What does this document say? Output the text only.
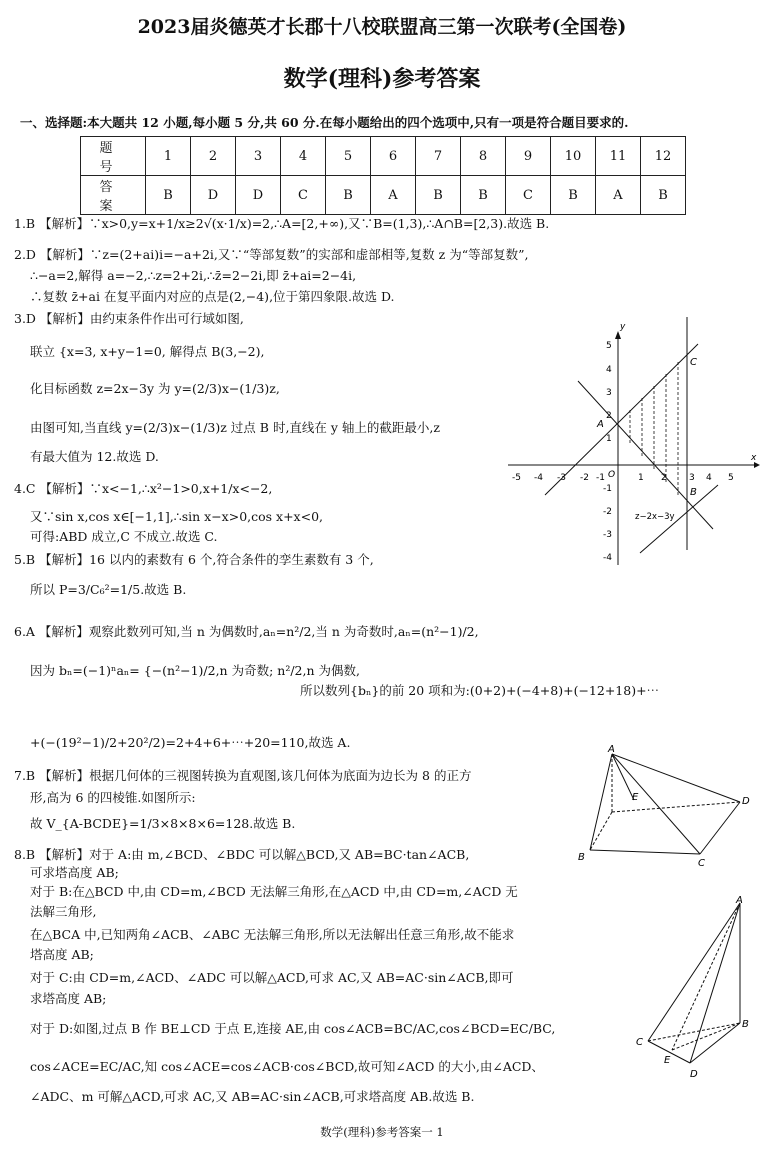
2023届炎德英才长郡十八校联盟高三第一次联考(全国卷)
数学(理科)参考答案
一、选择题:本大题共 12 小题,每小题 5 分,共 60 分.在每小题给出的四个选项中,只有一项是符合题目要求的.
题 号	1	2	3	4	5	6	7	8	9	10	11	12
答 案	B	D	D	C	B	A	B	B	C	B	A	B
1.B 【解析】∵x>0,y=x+1/x≥2√(x·1/x)=2,∴A=[2,+∞),又∵B=(1,3),∴A∩B=[2,3).故选 B.
2.D 【解析】∵z=(2+ai)i=−a+2i,又∵“等部复数”的实部和虚部相等,复数 z 为“等部复数”,
∴−a=2,解得 a=−2,∴z=2+2i,∴z̄=2−2i,即 z̄+ai=2−4i,
∴复数 z̄+ai 在复平面内对应的点是(2,−4),位于第四象限.故选 D.
3.D 【解析】由约束条件作出可行域如图,
联立 {x=3, x+y−1=0, 解得点 B(3,−2),
化目标函数 z=2x−3y 为 y=(2/3)x−(1/3)z,
由图可知,当直线 y=(2/3)x−(1/3)z 过点 B 时,直线在 y 轴上的截距最小,z
有最大值为 12.故选 D.
-5 -4 -3 -2 -1 O	1 2 3 4 5
x
5
4
3
2
1
-1
-2
-3
-4
y
A
B
C
z−2x−3y
4.C 【解析】∵x<−1,∴x²−1>0,x+1/x<−2,
又∵sin x,cos x∈[−1,1],∴sin x−x>0,cos x+x<0,
可得:ABD 成立,C 不成立.故选 C.
5.B 【解析】16 以内的素数有 6 个,符合条件的孪生素数有 3 个,
所以 P=3/C₆²=1/5.故选 B.
6.A 【解析】观察此数列可知,当 n 为偶数时,aₙ=n²/2,当 n 为奇数时,aₙ=(n²−1)/2,
因为 bₙ=(−1)ⁿaₙ= {−(n²−1)/2,n 为奇数; n²/2,n 为偶数,
所以数列{bₙ}的前 20 项和为:(0+2)+(−4+8)+(−12+18)+⋯
+(−(19²−1)/2+20²/2)=2+4+6+⋯+20=110,故选 A.
7.B 【解析】根据几何体的三视图转换为直观图,该几何体为底面为边长为 8 的正方
形,高为 6 的四棱锥.如图所示:
故 V_{A-BCDE}=1/3×8×8×6=128.故选 B.
A
B
C
D
E
8.B 【解析】对于 A:由 m,∠BCD、∠BDC 可以解△BCD,又 AB=BC·tan∠ACB,
可求塔高度 AB;
对于 B:在△BCD 中,由 CD=m,∠BCD 无法解三角形,在△ACD 中,由 CD=m,∠ACD 无
法解三角形,
在△BCA 中,已知两角∠ACB、∠ABC 无法解三角形,所以无法解出任意三角形,故不能求
塔高度 AB;
对于 C:由 CD=m,∠ACD、∠ADC 可以解△ACD,可求 AC,又 AB=AC·sin∠ACB,即可
求塔高度 AB;
对于 D:如图,过点 B 作 BE⊥CD 于点 E,连接 AE,由 cos∠ACB=BC/AC,cos∠BCD=EC/BC,
cos∠ACE=EC/AC,知 cos∠ACE=cos∠ACB·cos∠BCD,故可知∠ACD 的大小,由∠ACD、
∠ADC、m 可解△ACD,可求 AC,又 AB=AC·sin∠ACB,可求塔高度 AB.故选 B.
A
B
C
D
E
数学(理科)参考答案一 1
